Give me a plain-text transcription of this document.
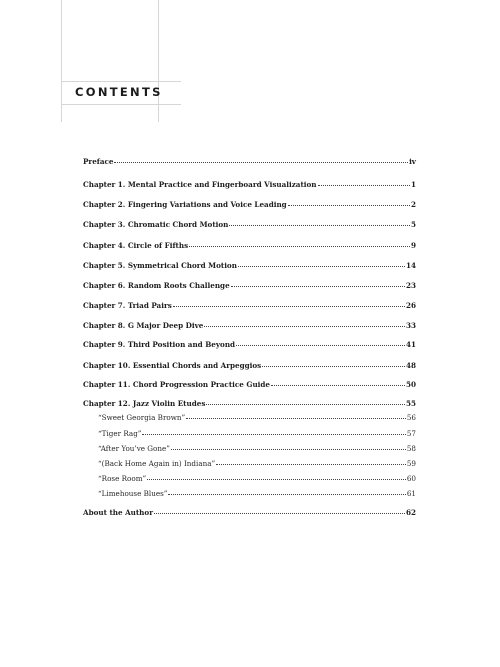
CONTENTS
Preface	iv
Chapter 1. Mental Practice and Fingerboard Visualization	1
Chapter 2. Fingering Variations and Voice Leading	2
Chapter 3. Chromatic Chord Motion	5
Chapter 4. Circle of Fifths	9
Chapter 5. Symmetrical Chord Motion	14
Chapter 6. Random Roots Challenge	23
Chapter 7. Triad Pairs	26
Chapter 8. G Major Deep Dive	33
Chapter 9. Third Position and Beyond	41
Chapter 10. Essential Chords and Arpeggios	48
Chapter 11. Chord Progression Practice Guide	50
Chapter 12. Jazz Violin Etudes	55
“Sweet Georgia Brown”	56
“Tiger Rag”	57
“After You’ve Gone”	58
“(Back Home Again in) Indiana”	59
“Rose Room”	60
“Limehouse Blues”	61
About the Author	62
